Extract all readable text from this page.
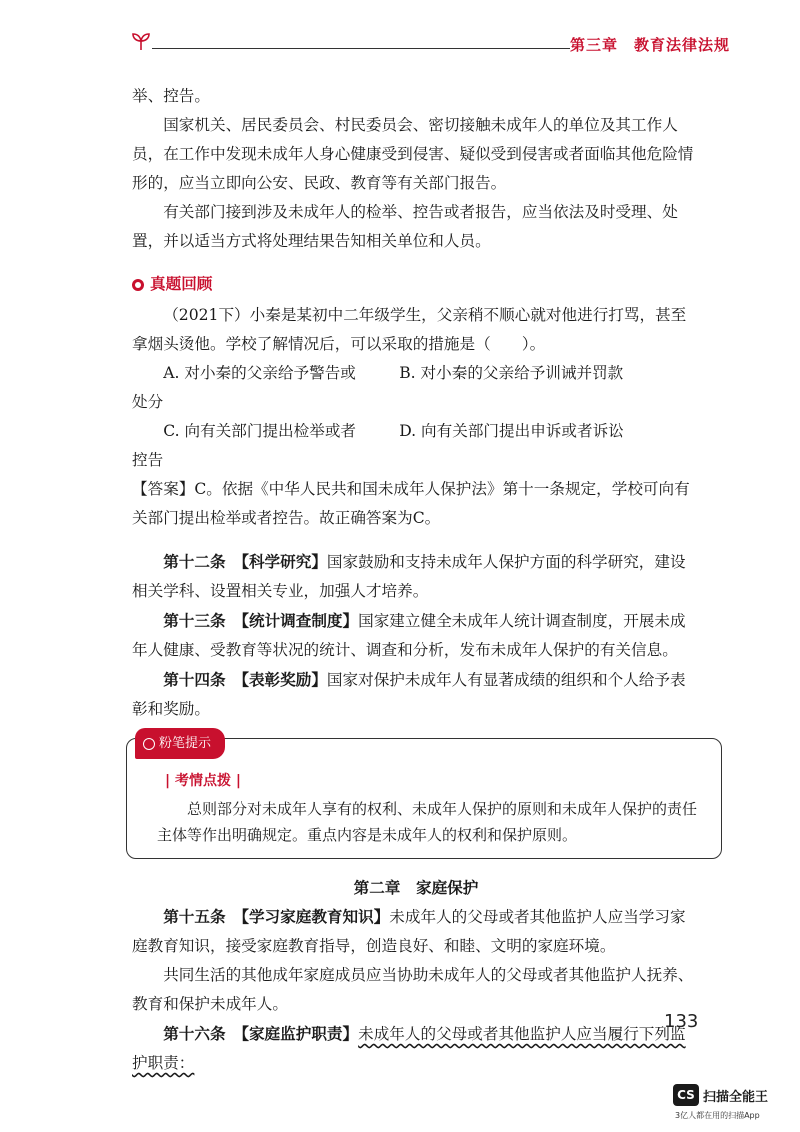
第三章　教育法律法规

举、控告。

国家机关、居民委员会、村民委员会、密切接触未成年人的单位及其工作人员，在工作中发现未成年人身心健康受到侵害、疑似受到侵害或者面临其他危险情形的，应当立即向公安、民政、教育等有关部门报告。

有关部门接到涉及未成年人的检举、控告或者报告，应当依法及时受理、处置，并以适当方式将处理结果告知相关单位和人员。

真题回顾

（2021下）小秦是某初中二年级学生，父亲稍不顺心就对他进行打骂，甚至拿烟头烫他。学校了解情况后，可以采取的措施是（　　）。

A. 对小秦的父亲给予警告或处分
B. 对小秦的父亲给予训诫并罚款
C. 向有关部门提出检举或者控告
D. 向有关部门提出申诉或者诉讼

【答案】C。依据《中华人民共和国未成年人保护法》第十一条规定，学校可向有关部门提出检举或者控告。故正确答案为C。

第十二条　【科学研究】国家鼓励和支持未成年人保护方面的科学研究，建设相关学科、设置相关专业，加强人才培养。

第十三条　【统计调查制度】国家建立健全未成年人统计调查制度，开展未成年人健康、受教育等状况的统计、调查和分析，发布未成年人保护的有关信息。

第十四条　【表彰奖励】国家对保护未成年人有显著成绩的组织和个人给予表彰和奖励。

粉笔提示
| 考情点拨 |
总则部分对未成年人享有的权利、未成年人保护的原则和未成年人保护的责任主体等作出明确规定。重点内容是未成年人的权利和保护原则。

第二章　家庭保护

第十五条　【学习家庭教育知识】未成年人的父母或者其他监护人应当学习家庭教育知识，接受家庭教育指导，创造良好、和睦、文明的家庭环境。

共同生活的其他成年家庭成员应当协助未成年人的父母或者其他监护人抚养、教育和保护未成年人。

第十六条　【家庭监护职责】未成年人的父母或者其他监护人应当履行下列监护职责：

133
CS 扫描全能王
3亿人都在用的扫描App
